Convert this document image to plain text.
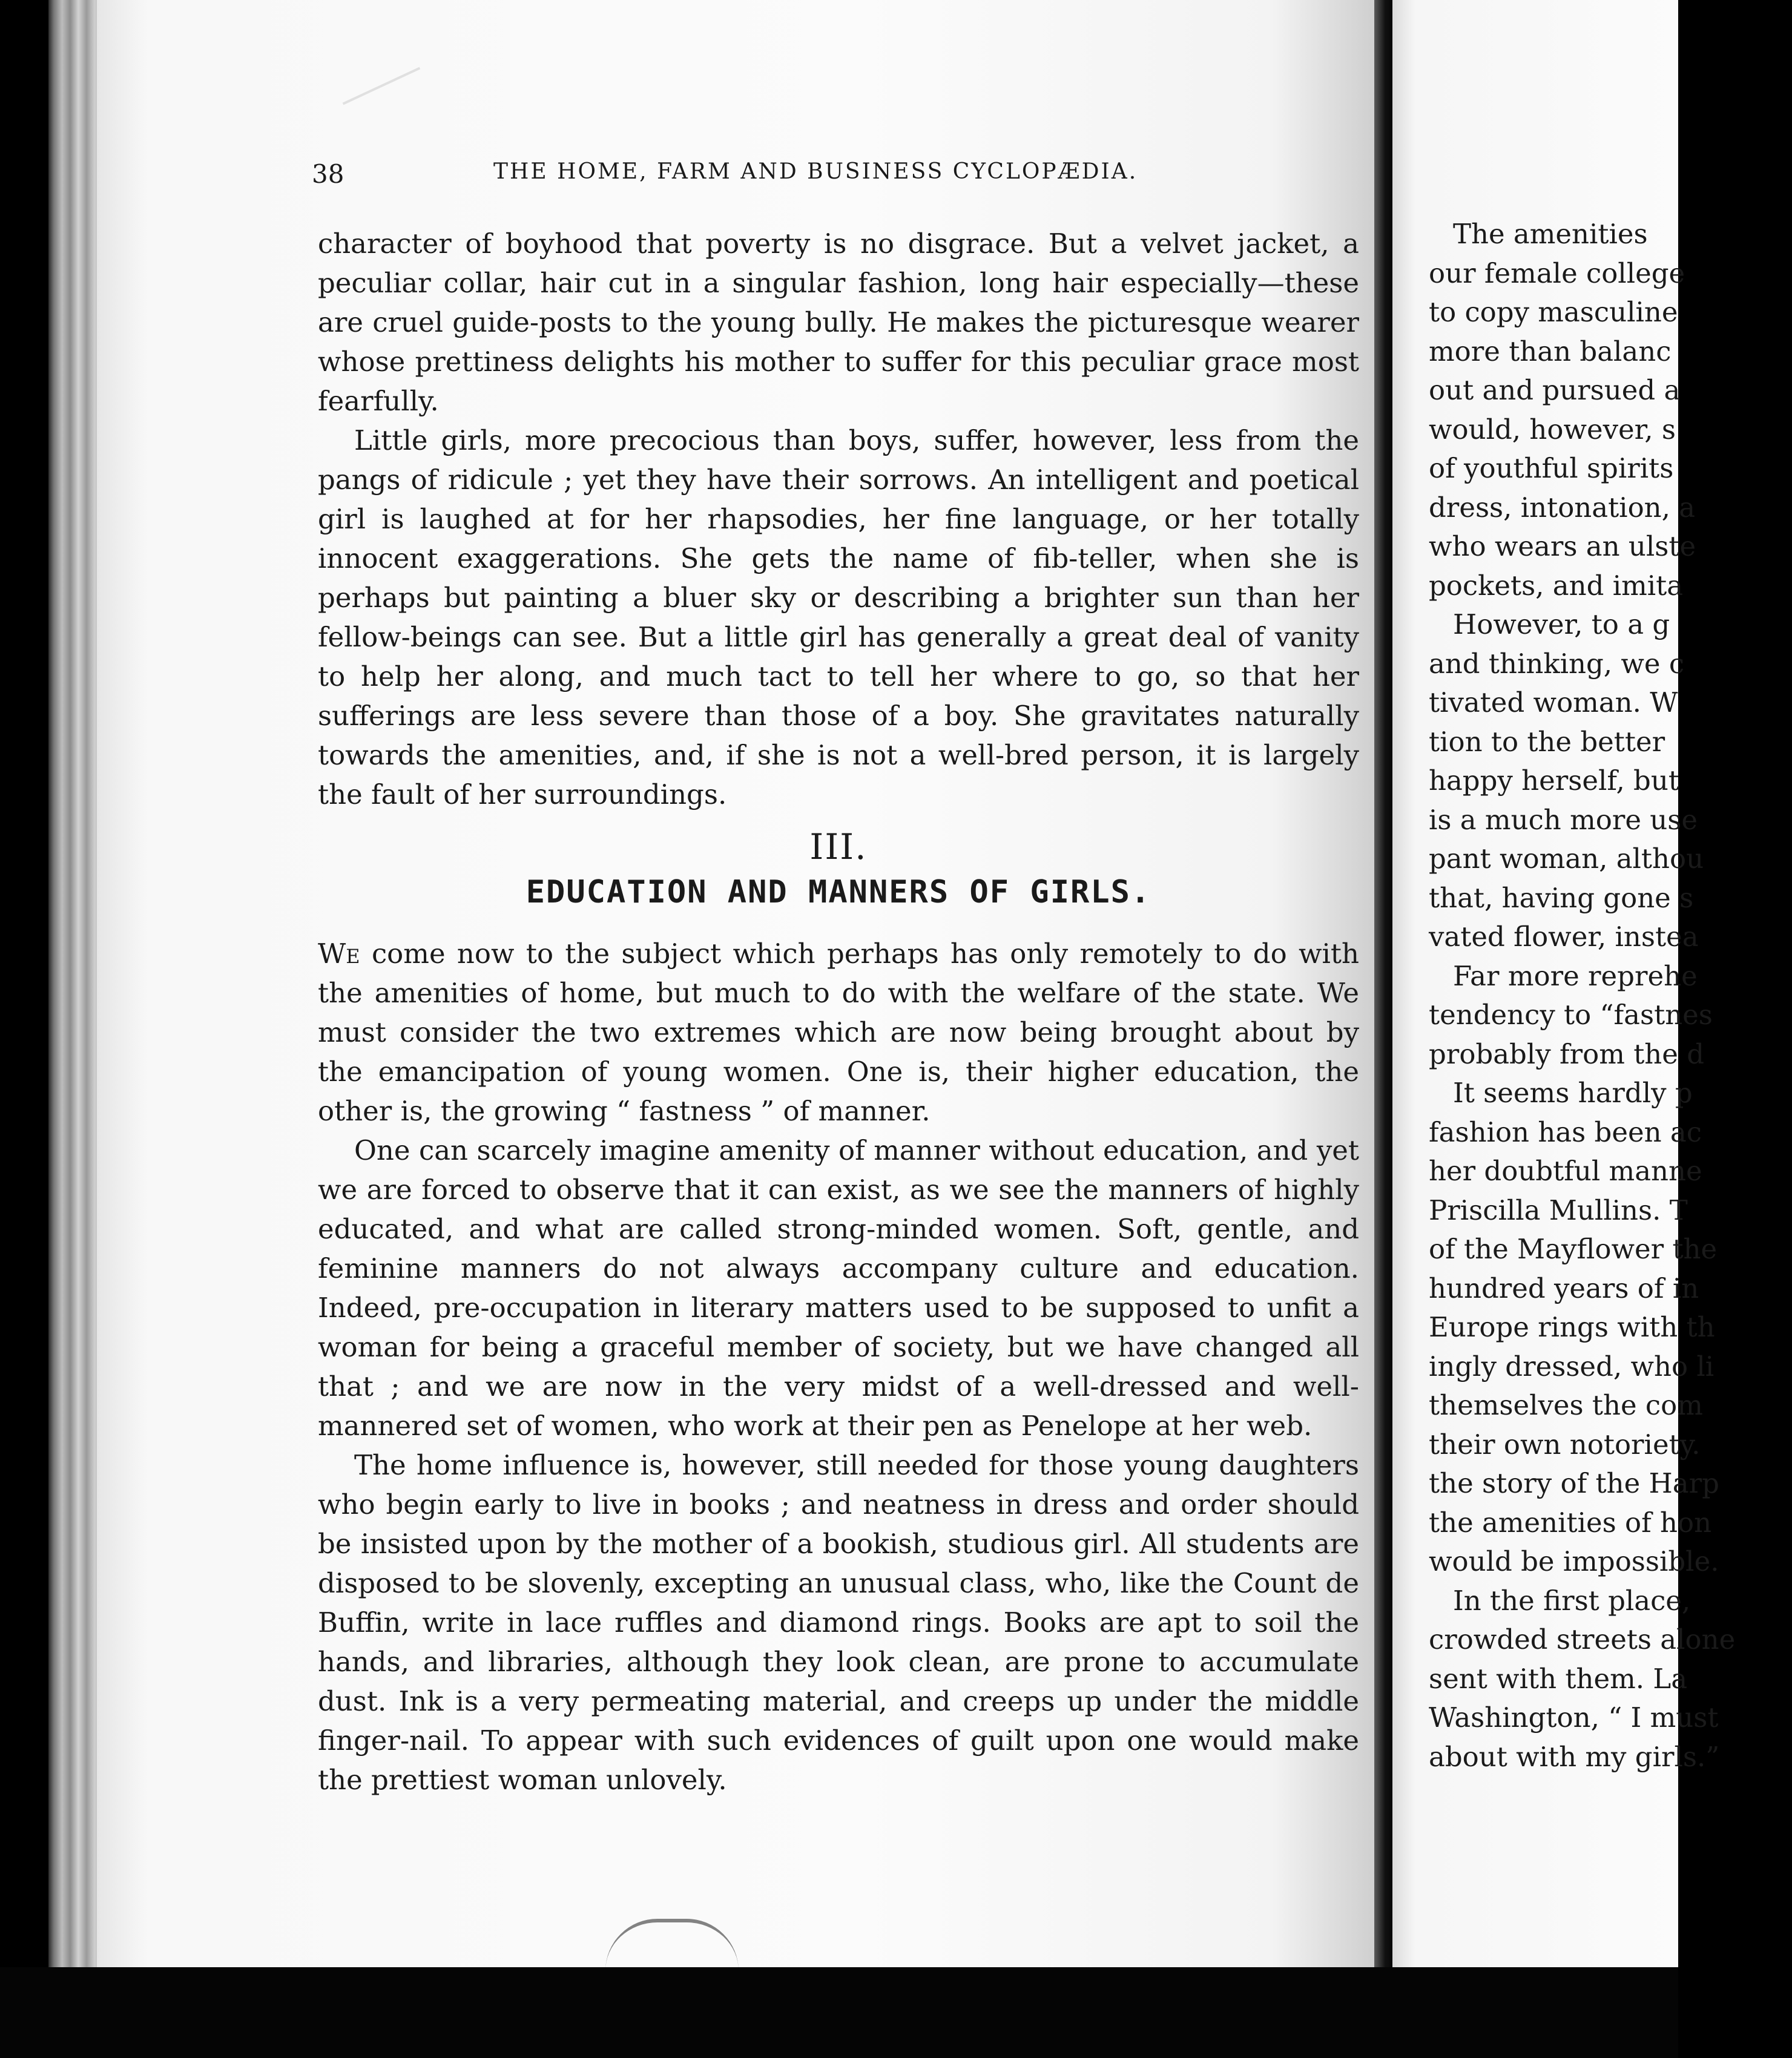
38	THE HOME, FARM AND BUSINESS CYCLOPÆDIA.

character of boyhood that poverty is no disgrace. But a velvet jacket, a peculiar collar, hair cut in a singular fashion, long hair especially—these are cruel guide-posts to the young bully. He makes the picturesque wearer whose prettiness delights his mother to suffer for this peculiar grace most fearfully.

Little girls, more precocious than boys, suffer, however, less from the pangs of ridicule ; yet they have their sorrows. An intelligent and poetical girl is laughed at for her rhapsodies, her fine language, or her totally innocent exaggerations. She gets the name of fib-teller, when she is perhaps but painting a bluer sky or describing a brighter sun than her fellow-beings can see. But a little girl has generally a great deal of vanity to help her along, and much tact to tell her where to go, so that her sufferings are less severe than those of a boy. She gravitates naturally towards the amenities, and, if she is not a well-bred person, it is largely the fault of her surroundings.

III.
EDUCATION AND MANNERS OF GIRLS.

We come now to the subject which perhaps has only remotely to do with the amenities of home, but much to do with the welfare of the state. We must consider the two extremes which are now being brought about by the emancipation of young women. One is, their higher education, the other is, the growing “ fastness ” of manner.

One can scarcely imagine amenity of manner without education, and yet we are forced to observe that it can exist, as we see the manners of highly educated, and what are called strong-minded women. Soft, gentle, and feminine manners do not always accompany culture and education. Indeed, pre-occupation in literary matters used to be supposed to unfit a woman for being a graceful member of society, but we have changed all that ; and we are now in the very midst of a well-dressed and well-mannered set of women, who work at their pen as Penelope at her web.

The home influence is, however, still needed for those young daughters who begin early to live in books ; and neatness in dress and order should be insisted upon by the mother of a bookish, studious girl. All students are disposed to be slovenly, excepting an unusual class, who, like the Count de Buffin, write in lace ruffles and diamond rings. Books are apt to soil the hands, and libraries, although they look clean, are prone to accumulate dust. Ink is a very permeating material, and creeps up under the middle finger-nail. To appear with such evidences of guilt upon one would make the prettiest woman unlovely.

The amenities
our female college
to copy masculine
more than balanc
out and pursued a
would, however, s
of youthful spirits
dress, intonation, a
who wears an ulste
pockets, and imita
However, to a g
and thinking, we c
tivated woman. W
tion to the better
happy herself, but
is a much more use
pant woman, althou
that, having gone s
vated flower, instea
Far more reprehe
tendency to “fastnes
probably from the d
It seems hardly p
fashion has been ac
her doubtful manne
Priscilla Mullins. T
of the Mayflower the
hundred years of in
Europe rings with th
ingly dressed, who li
themselves the com
their own notoriety.
the story of the Harp
the amenities of hon
would be impossible.
In the first place,
crowded streets alone
sent with them. La
Washington, “ I must
about with my girls.”
